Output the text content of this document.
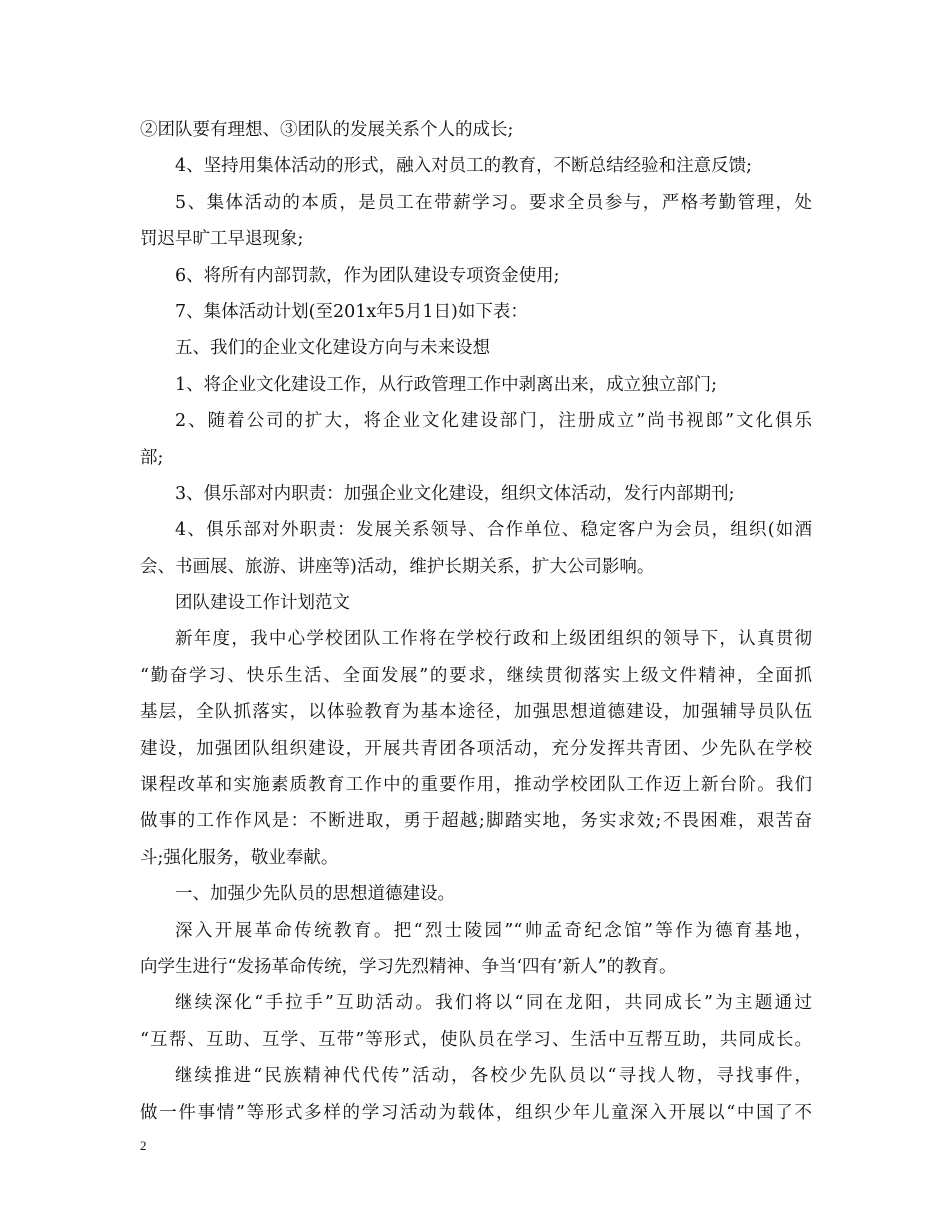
②团队要有理想、③团队的发展关系个人的成长;
4、坚持用集体活动的形式，融入对员工的教育，不断总结经验和注意反馈;
5、集体活动的本质，是员工在带薪学习。要求全员参与，严格考勤管理，处
罚迟早旷工早退现象;
6、将所有内部罚款，作为团队建设专项资金使用;
7、集体活动计划(至201x年5月1日)如下表：
五、我们的企业文化建设方向与未来设想
1、将企业文化建设工作，从行政管理工作中剥离出来，成立独立部门;
2、随着公司的扩大，将企业文化建设部门，注册成立”尚书视郎”文化俱乐
部;
3、俱乐部对内职责：加强企业文化建设，组织文体活动，发行内部期刊;
4、俱乐部对外职责：发展关系领导、合作单位、稳定客户为会员，组织(如酒
会、书画展、旅游、讲座等)活动，维护长期关系，扩大公司影响。
团队建设工作计划范文
新年度，我中心学校团队工作将在学校行政和上级团组织的领导下，认真贯彻
“勤奋学习、快乐生活、全面发展”的要求，继续贯彻落实上级文件精神，全面抓
基层，全队抓落实，以体验教育为基本途径，加强思想道德建设，加强辅导员队伍
建设，加强团队组织建设，开展共青团各项活动，充分发挥共青团、少先队在学校
课程改革和实施素质教育工作中的重要作用，推动学校团队工作迈上新台阶。我们
做事的工作作风是：不断进取，勇于超越;脚踏实地，务实求效;不畏困难，艰苦奋
斗;强化服务，敬业奉献。
一、加强少先队员的思想道德建设。
深入开展革命传统教育。把“烈士陵园”“帅孟奇纪念馆”等作为德育基地，
向学生进行“发扬革命传统，学习先烈精神、争当‘四有’新人”的教育。
继续深化“手拉手”互助活动。我们将以“同在龙阳，共同成长”为主题通过
“互帮、互助、互学、互带”等形式，使队员在学习、生活中互帮互助，共同成长。
继续推进“民族精神代代传”活动，各校少先队员以“寻找人物，寻找事件，
做一件事情”等形式多样的学习活动为载体，组织少年儿童深入开展以“中国了不
2
